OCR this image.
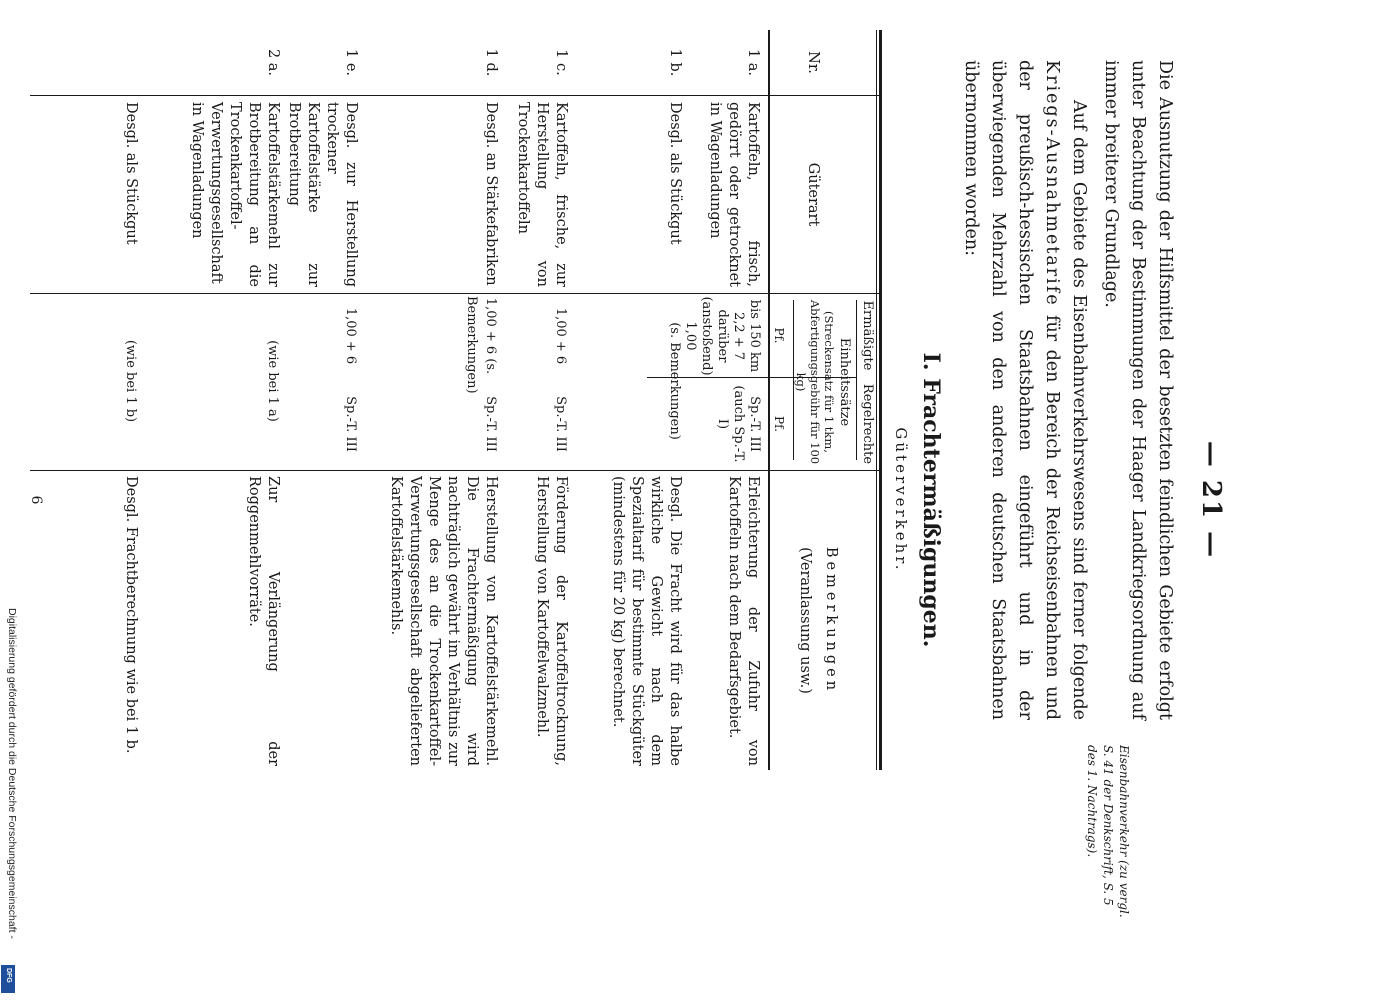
— 21 —
Die Ausnutzung der Hilfsmittel der besetzten feindlichen Gebiete erfolgt unter Beachtung der Bestimmungen der Haager Landkriegsordnung auf immer breiterer Grundlage.
Auf dem Gebiete des Eisenbahnverkehrswesens sind ferner folgende Kriegs-Ausnahmetarife für den Bereich der Reichseisenbahnen und der preußisch-hessischen Staatsbahnen eingeführt und in der überwiegenden Mehrzahl von den anderen deutschen Staatsbahnen übernommen worden:
Eisenbahnverkehr (zu vergl.
S. 41 der Denkschrift, S. 5
des 1. Nachtrags).
I. Frachtermäßigungen.
Güterverkehr.
Nr.
Güterart
Ermäßigte
Regelrechte
Einheitssätze
(Streckensatz für 1 tkm, Abfertigungsgebühr für 100 kg)
Pf.
Pf.
Bemerkungen
(Veranlassung usw.)
1 a.
Kartoffeln, frisch, gedörrt oder getrocknet in Wagenladungen
bis 150 km 2,2 + 7 darüber (anstoßend) 1,00
Sp.-T. III (auch Sp.-T. I)
Erleichterung der Zufuhr von Kartoffeln nach dem Bedarfsgebiet.
1 b.
Desgl. als Stückgut
(s. Bemerkungen)
Desgl. Die Fracht wird für das halbe wirkliche Gewicht nach dem Spezialtarif für bestimmte Stückgüter (mindestens für 20 kg) berechnet.
1 c.
Kartoffeln, frische, zur Herstellung von Trockenkartoffeln
1,00 + 6
Sp.-T. III
Förderung der Kartoffeltrocknung, Herstellung von Kartoffelwalzmehl.
1 d.
Desgl. an Stärkefabriken
1,00 + 6 (s. Bemerkungen)
Sp.-T. III
Herstellung von Kartoffelstärkemehl. Die Frachtermäßigung wird nachträglich gewährt im Verhältnis zur Menge des an die Trockenkartoffel-Verwertungsgesellschaft abgelieferten Kartoffelstärkemehls.
1 e.
Desgl. zur Herstellung trockener Kartoffelstärke zur Brotbereitung
1,00 + 6
Sp.-T. III
2 a.
Kartoffelstärkemehl zur Brotbereitung an die Trockenkartoffel-Verwertungsgesellschaft in Wagenladungen
(wie bei 1 a)
Zur Verlängerung der Roggenmehlvorräte.
Desgl. als Stückgut
(wie bei 1 b)
Desgl. Frachtberechnung wie bei 1 b.
6
Digitalisierung gefördert durch die Deutsche Forschungsgemeinschaft -
DFG
